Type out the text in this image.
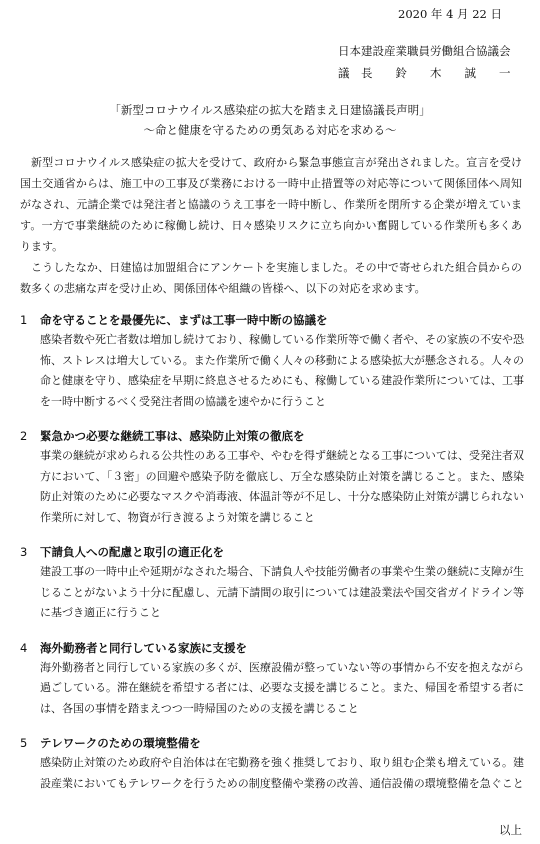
2020 年 4 月 22 日
日本建設産業職員労働組合協議会
議　長　　鈴　　木　　誠　　一
「新型コロナウイルス感染症の拡大を踏まえ日建協議長声明」
～命と健康を守るための勇気ある対応を求める～

新型コロナウイルス感染症の拡大を受けて、政府から緊急事態宣言が発出されました。宣言を受け国土交通省からは、施工中の工事及び業務における一時中止措置等の対応等について関係団体へ周知がなされ、元請企業では発注者と協議のうえ工事を一時中断し、作業所を閉所する企業が増えています。一方で事業継続のために稼働し続け、日々感染リスクに立ち向かい奮闘している作業所も多くあります。

こうしたなか、日建協は加盟組合にアンケートを実施しました。その中で寄せられた組合員からの数多くの悲痛な声を受け止め、関係団体や組織の皆様へ、以下の対応を求めます。

1	命を守ることを最優先に、まずは工事一時中断の協議を

感染者数や死亡者数は増加し続けており、稼働している作業所等で働く者や、その家族の不安や恐怖、ストレスは増大している。また作業所で働く人々の移動による感染拡大が懸念される。人々の命と健康を守り、感染症を早期に終息させるためにも、稼働している建設作業所については、工事を一時中断するべく受発注者間の協議を速やかに行うこと

2	緊急かつ必要な継続工事は、感染防止対策の徹底を

事業の継続が求められる公共性のある工事や、やむを得ず継続となる工事については、受発注者双方において、「３密」の回避や感染予防を徹底し、万全な感染防止対策を講じること。また、感染防止対策のために必要なマスクや消毒液、体温計等が不足し、十分な感染防止対策が講じられない作業所に対して、物資が行き渡るよう対策を講じること

3	下請負人への配慮と取引の適正化を

建設工事の一時中止や延期がなされた場合、下請負人や技能労働者の事業や生業の継続に支障が生じることがないよう十分に配慮し、元請下請間の取引については建設業法や国交省ガイドライン等に基づき適正に行うこと

4	海外勤務者と同行している家族に支援を

海外勤務者と同行している家族の多くが、医療設備が整っていない等の事情から不安を抱えながら過ごしている。滞在継続を希望する者には、必要な支援を講じること。また、帰国を希望する者には、各国の事情を踏まえつつ一時帰国のための支援を講じること

5	テレワークのための環境整備を

感染防止対策のため政府や自治体は在宅勤務を強く推奨しており、取り組む企業も増えている。建設産業においてもテレワークを行うための制度整備や業務の改善、通信設備の環境整備を急ぐこと

以上
